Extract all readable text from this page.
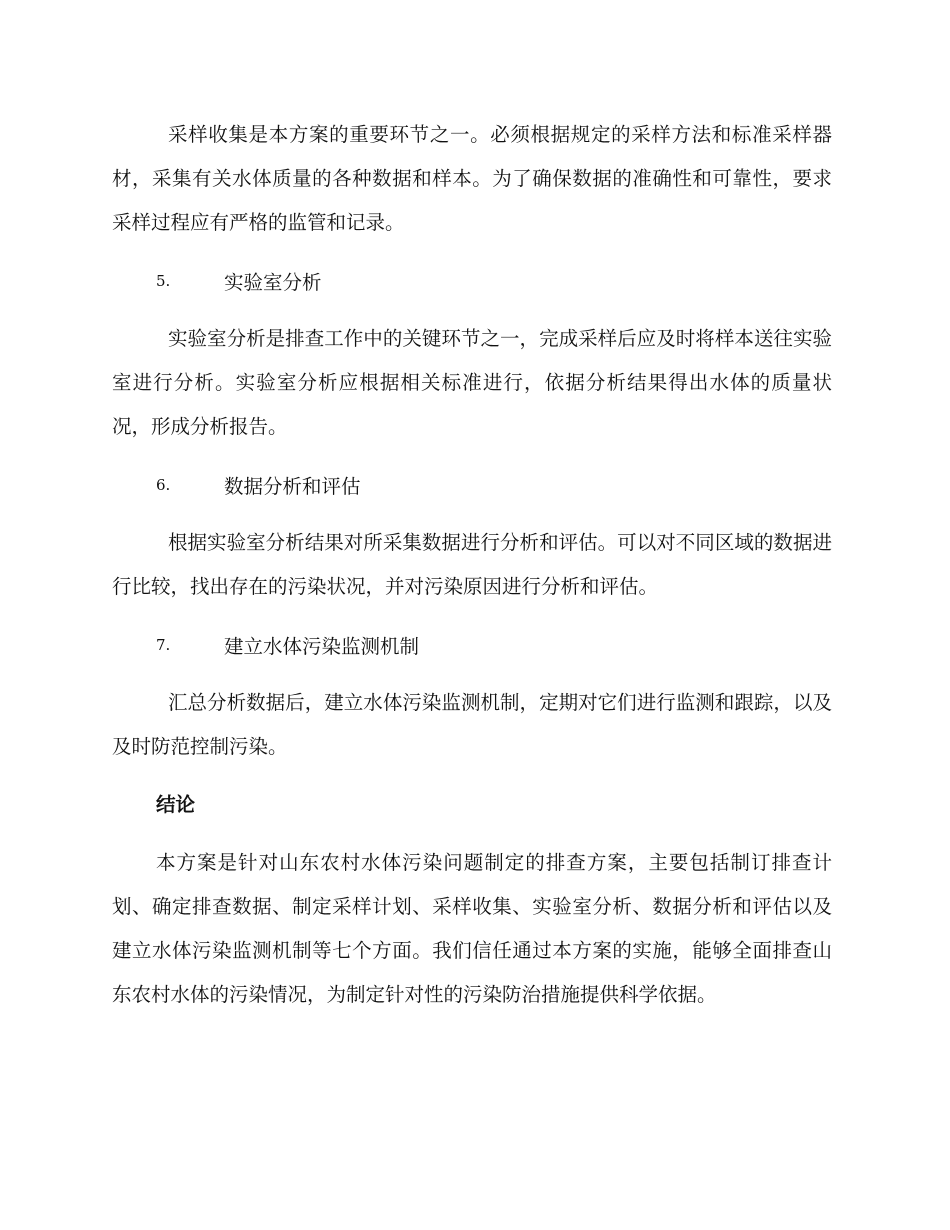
采样收集是本方案的重要环节之一。必须根据规定的采样方法和标准采样器材，采集有关水体质量的各种数据和样本。为了确保数据的准确性和可靠性，要求采样过程应有严格的监管和记录。

5.	实验室分析

实验室分析是排查工作中的关键环节之一，完成采样后应及时将样本送往实验室进行分析。实验室分析应根据相关标准进行，依据分析结果得出水体的质量状况，形成分析报告。

6.	数据分析和评估

根据实验室分析结果对所采集数据进行分析和评估。可以对不同区域的数据进行比较，找出存在的污染状况，并对污染原因进行分析和评估。

7.	建立水体污染监测机制

汇总分析数据后，建立水体污染监测机制，定期对它们进行监测和跟踪，以及及时防范控制污染。

结论

本方案是针对山东农村水体污染问题制定的排查方案，主要包括制订排查计划、确定排查数据、制定采样计划、采样收集、实验室分析、数据分析和评估以及建立水体污染监测机制等七个方面。我们信任通过本方案的实施，能够全面排查山东农村水体的污染情况，为制定针对性的污染防治措施提供科学依据。
